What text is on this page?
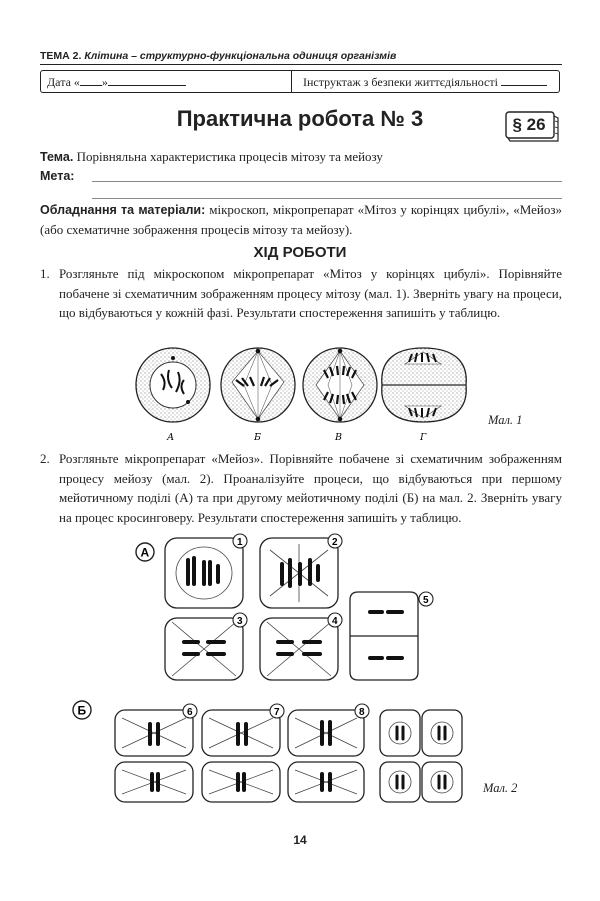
ТЕМА 2. Клітина – структурно-функціональна одиниця організмів
Дата « »	Інструктаж з безпеки життєдіяльності
Практична робота № 3	§ 26
Тема. Порівняльна характеристика процесів мітозу та мейозу
Мета:
Обладнання та матеріали: мікроскоп, мікропрепарат «Мітоз у корінцях цибулі», «Мейоз» (або схематичне зображення процесів мітозу та мейозу).
ХІД РОБОТИ
1. Розгляньте під мікроскопом мікропрепарат «Мітоз у корінцях цибулі». Порівняйте побачене зі схематичним зображенням процесу мітозу (мал. 1). Зверніть увагу на процеси, що відбуваються у кожній фазі. Результати спостереження запишіть у таблицю.
А	Б	В	Г
Мал. 1
2. Розгляньте мікропрепарат «Мейоз». Порівняйте побачене зі схематичним зображенням процесу мейозу (мал. 2). Проаналізуйте процеси, що відбуваються при першому мейотичному поділі (А) та при другому мейотичному поділі (Б) на мал. 2. Зверніть увагу на процес кросинговеру. Результати спостереження запишіть у таблицю.
А
Б
1	2
3	4
5
6	7	8
Мал. 2
14
